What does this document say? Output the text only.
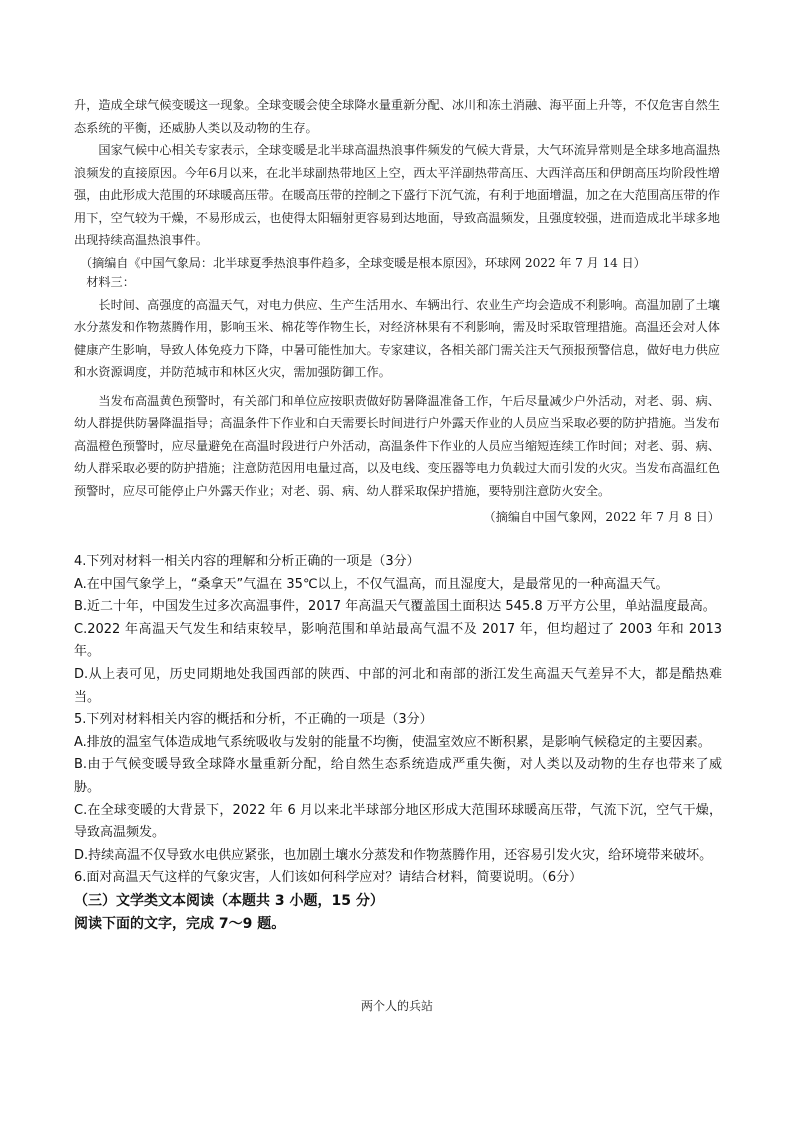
升，造成全球气候变暖这一现象。全球变暖会使全球降水量重新分配、冰川和冻土消融、海平面上升等，不仅危害自然生态系统的平衡，还威胁人类以及动物的生存。

国家气候中心相关专家表示，全球变暖是北半球高温热浪事件频发的气候大背景，大气环流异常则是全球多地高温热浪频发的直接原因。今年6月以来，在北半球副热带地区上空，西太平洋副热带高压、大西洋高压和伊朗高压均阶段性增强，由此形成大范围的环球暖高压带。在暖高压带的控制之下盛行下沉气流，有利于地面增温，加之在大范围高压带的作用下，空气较为干燥，不易形成云，也使得太阳辐射更容易到达地面，导致高温频发，且强度较强，进而造成北半球多地出现持续高温热浪事件。

（摘编自《中国气象局：北半球夏季热浪事件趋多，全球变暖是根本原因》，环球网 2022 年 7 月 14 日）

材料三：

长时间、高强度的高温天气，对电力供应、生产生活用水、车辆出行、农业生产均会造成不利影响。高温加剧了土壤水分蒸发和作物蒸腾作用，影响玉米、棉花等作物生长，对经济林果有不利影响，需及时采取管理措施。高温还会对人体健康产生影响，导致人体免疫力下降，中暑可能性加大。专家建议，各相关部门需关注天气预报预警信息，做好电力供应和水资源调度，并防范城市和林区火灾，需加强防御工作。

当发布高温黄色预警时，有关部门和单位应按职责做好防暑降温准备工作，午后尽量减少户外活动，对老、弱、病、幼人群提供防暑降温指导；高温条件下作业和白天需要长时间进行户外露天作业的人员应当采取必要的防护措施。当发布高温橙色预警时，应尽量避免在高温时段进行户外活动，高温条件下作业的人员应当缩短连续工作时间；对老、弱、病、幼人群采取必要的防护措施；注意防范因用电量过高，以及电线、变压器等电力负载过大而引发的火灾。当发布高温红色预警时，应尽可能停止户外露天作业；对老、弱、病、幼人群采取保护措施，要特别注意防火安全。

（摘编自中国气象网，2022 年 7 月 8 日）

4.下列对材料一相关内容的理解和分析正确的一项是（3分）

A.在中国气象学上，“桑拿天”气温在 35℃以上，不仅气温高，而且湿度大，是最常见的一种高温天气。

B.近二十年，中国发生过多次高温事件，2017 年高温天气覆盖国土面积达 545.8 万平方公里，单站温度最高。

C.2022 年高温天气发生和结束较早，影响范围和单站最高气温不及 2017 年，但均超过了 2003 年和 2013 年。

D.从上表可见，历史同期地处我国西部的陕西、中部的河北和南部的浙江发生高温天气差异不大，都是酷热难当。

5.下列对材料相关内容的概括和分析，不正确的一项是（3分）

A.排放的温室气体造成地气系统吸收与发射的能量不均衡，使温室效应不断积累，是影响气候稳定的主要因素。

B.由于气候变暖导致全球降水量重新分配，给自然生态系统造成严重失衡，对人类以及动物的生存也带来了威胁。

C.在全球变暖的大背景下，2022 年 6 月以来北半球部分地区形成大范围环球暖高压带，气流下沉，空气干燥，导致高温频发。

D.持续高温不仅导致水电供应紧张，也加剧土壤水分蒸发和作物蒸腾作用，还容易引发火灾，给环境带来破坏。

6.面对高温天气这样的气象灾害，人们该如何科学应对？请结合材料，简要说明。（6分）

（三）文学类文本阅读（本题共 3 小题，15 分）

阅读下面的文字，完成 7～9 题。

两个人的兵站
